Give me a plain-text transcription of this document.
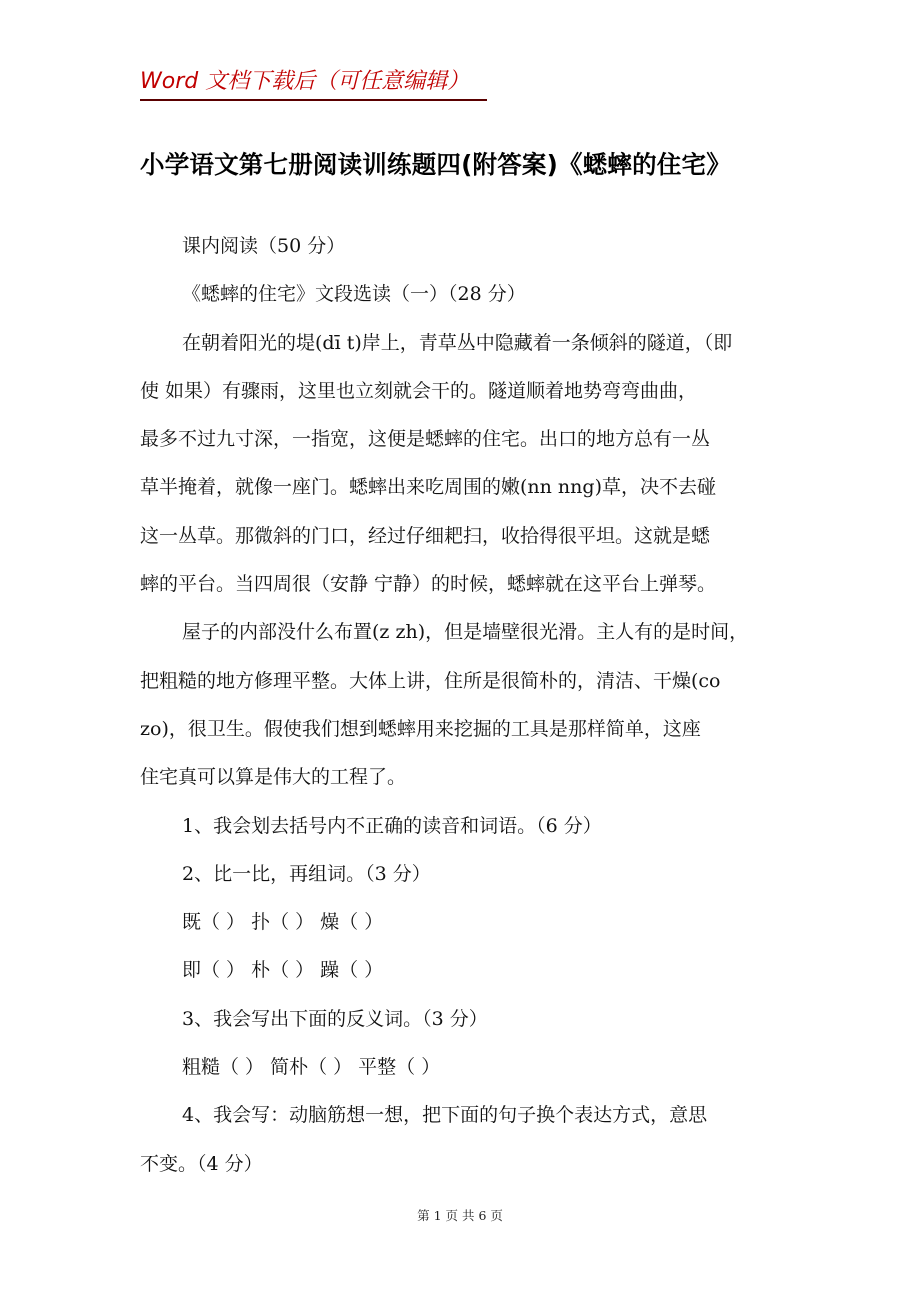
Word 文档下载后（可任意编辑）
小学语文第七册阅读训练题四(附答案)《蟋蟀的住宅》
课内阅读（50 分）
《蟋蟀的住宅》文段选读（一）（28 分）
在朝着阳光的堤(dī t)岸上，青草丛中隐藏着一条倾斜的隧道，（即
使 如果）有骤雨，这里也立刻就会干的。隧道顺着地势弯弯曲曲，
最多不过九寸深，一指宽，这便是蟋蟀的住宅。出口的地方总有一丛
草半掩着，就像一座门。蟋蟀出来吃周围的嫩(nn nng)草，决不去碰
这一丛草。那微斜的门口，经过仔细耙扫，收拾得很平坦。这就是蟋
蟀的平台。当四周很（安静 宁静）的时候，蟋蟀就在这平台上弹琴。
屋子的内部没什么布置(z zh)，但是墙壁很光滑。主人有的是时间，
把粗糙的地方修理平整。大体上讲，住所是很简朴的，清洁、干燥(co
zo)，很卫生。假使我们想到蟋蟀用来挖掘的工具是那样简单，这座
住宅真可以算是伟大的工程了。
1、我会划去括号内不正确的读音和词语。（6 分）
2、比一比，再组词。（3 分）
既（ ） 扑（ ） 燥（ ）
即（ ） 朴（ ） 躁（ ）
3、我会写出下面的反义词。（3 分）
粗糙（ ） 简朴（ ） 平整（ ）
4、我会写：动脑筋想一想，把下面的句子换个表达方式，意思
不变。（4 分）
第 1 页 共 6 页
